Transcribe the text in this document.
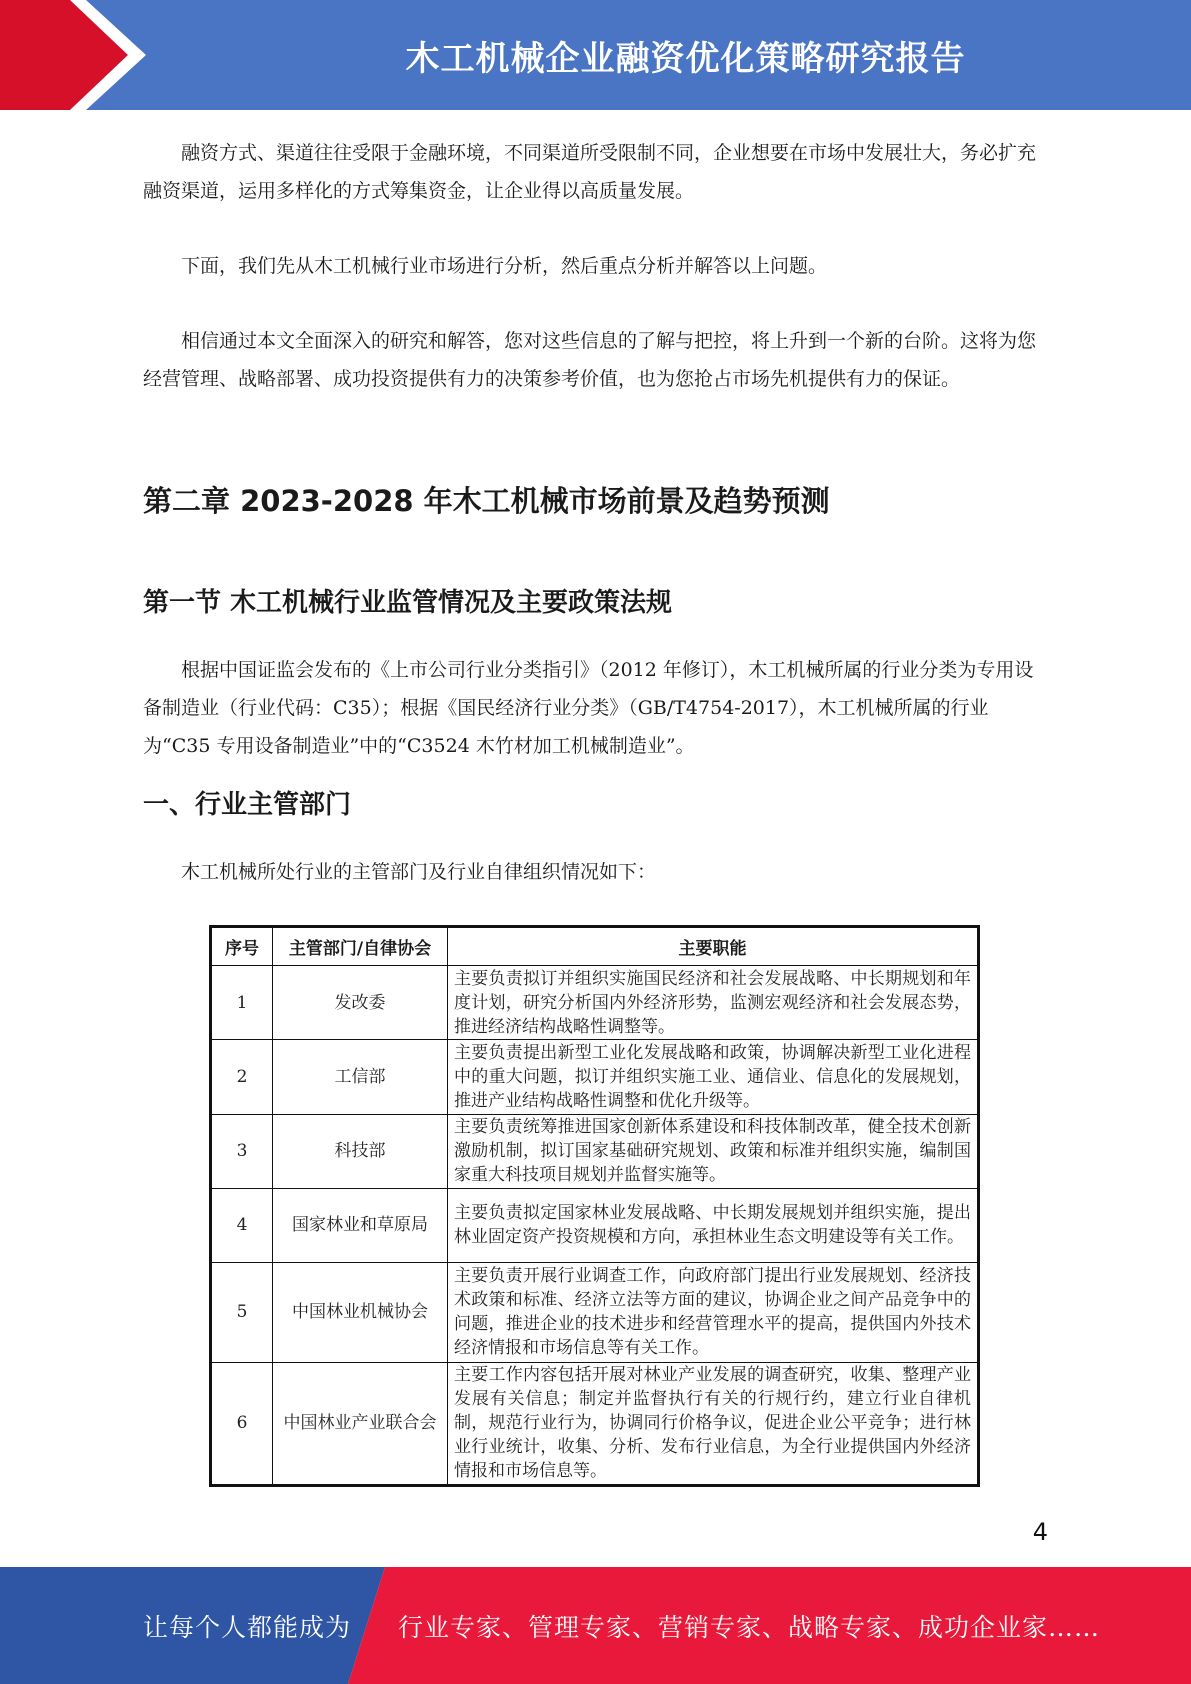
木工机械企业融资优化策略研究报告

融资方式、渠道往往受限于金融环境，不同渠道所受限制不同，企业想要在市场中发展壮大，务必扩充融资渠道，运用多样化的方式筹集资金，让企业得以高质量发展。

下面，我们先从木工机械行业市场进行分析，然后重点分析并解答以上问题。

相信通过本文全面深入的研究和解答，您对这些信息的了解与把控，将上升到一个新的台阶。这将为您经营管理、战略部署、成功投资提供有力的决策参考价值，也为您抢占市场先机提供有力的保证。

第二章 2023-2028 年木工机械市场前景及趋势预测
第一节 木工机械行业监管情况及主要政策法规

根据中国证监会发布的《上市公司行业分类指引》（2012 年修订），木工机械所属的行业分类为专用设备制造业（行业代码：C35）；根据《国民经济行业分类》（GB/T4754-2017），木工机械所属的行业为“C35 专用设备制造业”中的“C3524 木竹材加工机械制造业”。

一、行业主管部门

木工机械所处行业的主管部门及行业自律组织情况如下：

序号	主管部门/自律协会	主要职能
1	发改委	主要负责拟订并组织实施国民经济和社会发展战略、中长期规划和年度计划，研究分析国内外经济形势，监测宏观经济和社会发展态势，推进经济结构战略性调整等。
2	工信部	主要负责提出新型工业化发展战略和政策，协调解决新型工业化进程中的重大问题，拟订并组织实施工业、通信业、信息化的发展规划，推进产业结构战略性调整和优化升级等。
3	科技部	主要负责统筹推进国家创新体系建设和科技体制改革，健全技术创新激励机制，拟订国家基础研究规划、政策和标准并组织实施，编制国家重大科技项目规划并监督实施等。
4	国家林业和草原局	主要负责拟定国家林业发展战略、中长期发展规划并组织实施，提出林业固定资产投资规模和方向，承担林业生态文明建设等有关工作。
5	中国林业机械协会	主要负责开展行业调查工作，向政府部门提出行业发展规划、经济技术政策和标准、经济立法等方面的建议，协调企业之间产品竞争中的问题，推进企业的技术进步和经营管理水平的提高，提供国内外技术经济情报和市场信息等有关工作。
6	中国林业产业联合会	主要工作内容包括开展对林业产业发展的调查研究，收集、整理产业发展有关信息；制定并监督执行有关的行规行约，建立行业自律机制，规范行业行为，协调同行价格争议，促进企业公平竞争；进行林业行业统计，收集、分析、发布行业信息，为全行业提供国内外经济情报和市场信息等。
4
让每个人都能成为 行业专家、管理专家、营销专家、战略专家、成功企业家……
